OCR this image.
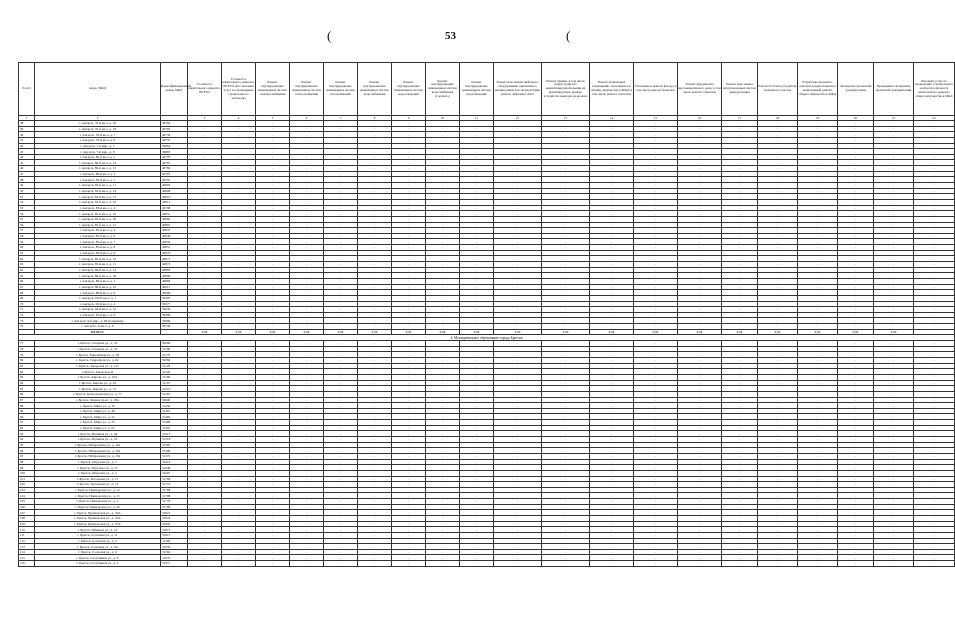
(	53	(
№ п/п	Адрес МКД	Идентификационный номер МКД	Стоимость капитального ремонта, ВСЕГО	Стоимость капитального ремонта, ВСЕГО (без оказания услуг по проведению строительного контроля)	Ремонт внутридомовых инженерных систем электроснабжения	Ремонт внутридомовых инженерных систем теплоснабжения	Ремонт внутридомовых инженерных систем газоснабжения	Ремонт внутридомовых инженерных систем водоснабжения	Ремонт внутридомовых инженерных систем водоотведения	Ремонт внутридомовых инженерных систем водоснабжения (горячего)	Ремонт внутридомовых инженерных систем водоотведения	Ремонт или замена лифтового оборудования, признанного непригодным для эксплуатации, ремонт лифтовых шахт	Ремонт крыши, в том числе переустройство невентилируемой крыши на вентилируемую крышу, устройство выходов на кровлю	Ремонт подвальных помещений, относящихся к общему имуществу в МКД, в том числе ремонт отмостки	Утепление и ремонт фасада, в том числе ремонт балконов	Ремонт фундамента многоквартирного дома, в том числе ремонт отмостки	Ремонт или замена внутридомовых систем дымоудаления	Работы по благоустройству земельного участка	Разработка проектно-сметной документации на капитальный ремонт общего имущества в МКД	Экспертиза проектной документации	Проведение экспертизы проектной документации	Оказание услуг по проведению строительного контроля в процессе капитального ремонта общего имущества в МКД
1	2		3	4	5	6	7	8	9	10	11	12	13	14	15	16	17	18	19	20	21	22
38	г. Ангарск, 76-й кв-л, д. 16	40764	-	-	-	-	-	-	-	-	-	-	-	-	-	-	-	-	-	-	-	-
39	г. Ангарск, 76-й кв-л, д. 19	40765	-	-	-	-	-	-	-	-	-	-	-	-	-	-	-	-	-	-	-	-
40	г. Ангарск, 76-й кв-л, д. 7	40734	-	-	-	-	-	-	-	-	-	-	-	-	-	-	-	-	-	-	-	-
41	г. Ангарск, 76-й кв-л, д. 9	40737	-	-	-	-	-	-	-	-	-	-	-	-	-	-	-	-	-	-	-	-
42	г. Ангарск, 7-й мкр., д. 7	39864	-	-	-	-	-	-	-	-	-	-	-	-	-	-	-	-	-	-	-	-
43	г. Ангарск, 7-й мкр., д. 9	39865	-	-	-	-	-	-	-	-	-	-	-	-	-	-	-	-	-	-	-	-
44	г. Ангарск, 80-й кв-л, д. 1	40779	-	-	-	-	-	-	-	-	-	-	-	-	-	-	-	-	-	-	-	-
45	г. Ангарск, 80-й кв-л, д. 14	40781	-	-	-	-	-	-	-	-	-	-	-	-	-	-	-	-	-	-	-	-
46	г. Ангарск, 80-й кв-л, д. 15	40782	-	-	-	-	-	-	-	-	-	-	-	-	-	-	-	-	-	-	-	-
47	г. Ангарск, 80-й кв-л, д. 5	40787	-	-	-	-	-	-	-	-	-	-	-	-	-	-	-	-	-	-	-	-
48	г. Ангарск, 82-й кв-л, д. 1	40797	-	-	-	-	-	-	-	-	-	-	-	-	-	-	-	-	-	-	-	-
49	г. Ангарск, 83-й кв-л, д. 11	40805	-	-	-	-	-	-	-	-	-	-	-	-	-	-	-	-	-	-	-	-
50	г. Ангарск, 83-й кв-л, д. 14	40808	-	-	-	-	-	-	-	-	-	-	-	-	-	-	-	-	-	-	-	-
51	г. Ангарск, 83-й кв-л, д. 17	40810	-	-	-	-	-	-	-	-	-	-	-	-	-	-	-	-	-	-	-	-
52	г. Ангарск, 83-й кв-л, д. 18	40811	-	-	-	-	-	-	-	-	-	-	-	-	-	-	-	-	-	-	-	-
53	г. Ангарск, 83-й кв-л, д. 2	40798	-	-	-	-	-	-	-	-	-	-	-	-	-	-	-	-	-	-	-	-
54	г. Ангарск, 85-й кв-л, д. 16	40851	-	-	-	-	-	-	-	-	-	-	-	-	-	-	-	-	-	-	-	-
55	г. Ангарск, 85-й кв-л, д. 20	40862	-	-	-	-	-	-	-	-	-	-	-	-	-	-	-	-	-	-	-	-
56	г. Ангарск, 85-й кв-л, д. 21	40863	-	-	-	-	-	-	-	-	-	-	-	-	-	-	-	-	-	-	-	-
57	г. Ангарск, 85-й кв-л, д. 4	40847	-	-	-	-	-	-	-	-	-	-	-	-	-	-	-	-	-	-	-	-
58	г. Ангарск, 85-й кв-л, д. 6	40849	-	-	-	-	-	-	-	-	-	-	-	-	-	-	-	-	-	-	-	-
59	г. Ангарск, 85-й кв-л, д. 7	40850	-	-	-	-	-	-	-	-	-	-	-	-	-	-	-	-	-	-	-	-
60	г. Ангарск, 85-й кв-л, д. 8	40851	-	-	-	-	-	-	-	-	-	-	-	-	-	-	-	-	-	-	-	-
61	г. Ангарск, 85-й кв-л, д. 9	40870	-	-	-	-	-	-	-	-	-	-	-	-	-	-	-	-	-	-	-	-
62	г. Ангарск, 85-й кв-л, д. 10	40871	-	-	-	-	-	-	-	-	-	-	-	-	-	-	-	-	-	-	-	-
63	г. Ангарск, 85-й кв-л, д. 11	40872	-	-	-	-	-	-	-	-	-	-	-	-	-	-	-	-	-	-	-	-
64	г. Ангарск, 86-й кв-л, д. 13	40885	-	-	-	-	-	-	-	-	-	-	-	-	-	-	-	-	-	-	-	-
65	г. Ангарск, 86-й кв-л, д. 16	40889	-	-	-	-	-	-	-	-	-	-	-	-	-	-	-	-	-	-	-	-
66	г. Ангарск, 86-й кв-л, д. 1	40866	-	-	-	-	-	-	-	-	-	-	-	-	-	-	-	-	-	-	-	-
67	г. Ангарск, 88-й кв-л, д. 25	40911	-	-	-	-	-	-	-	-	-	-	-	-	-	-	-	-	-	-	-	-
68	г. Ангарск, 88-й кв-л, д. 9	40896	-	-	-	-	-	-	-	-	-	-	-	-	-	-	-	-	-	-	-	-
69	г. Ангарск, 93/95 кв-л, д. 1	39395	-	-	-	-	-	-	-	-	-	-	-	-	-	-	-	-	-	-	-	-
70	г. Ангарск, 92-й кв-л, д. 4	39377	-	-	-	-	-	-	-	-	-	-	-	-	-	-	-	-	-	-	-	-
71	г. Ангарск, 94-й кв-л, д. 12	39032	-	-	-	-	-	-	-	-	-	-	-	-	-	-	-	-	-	-	-	-
72	г. Ангарск, 95-й кв-л, д. 9	39389	-	-	-	-	-	-	-	-	-	-	-	-	-	-	-	-	-	-	-	-
73	г. Ангарск, 9-й мкр., д. 84 (Северная)	39989	-	-	-	-	-	-	-	-	-	-	-	-	-	-	-	-	-	-	-	-
74	г. Ангарск, А-кв-л, д. 9	39536	-	-	-	-	-	-	-	-	-	-	-	-	-	-	-	-	-	-	-	-
	ИТОГО:		0,00	0,00	0,00	0,00	0,00	0,00	0,00	0,00	0,00	0,00	0,00	0,00	0,00	0,00	0,00	0,00	0,00	0,00	0,00	
2. Муниципальное образование города Братска																						
77	г. Братск, Гагарина ул., д. 23	30090	-	-	-	-	-	-	-	-	-	-	-	-	-	-	-	-	-	-	-	-
78	г. Братск, Гагарина ул., д. 53	31180	-	-	-	-	-	-	-	-	-	-	-	-	-	-	-	-	-	-	-	-
79	г. Братск, Енисейская ул., д. 56	31176	-	-	-	-	-	-	-	-	-	-	-	-	-	-	-	-	-	-	-	-
80	г. Братск, Гидробили ул., д. 62	30084	-	-	-	-	-	-	-	-	-	-	-	-	-	-	-	-	-	-	-	-
81	г. Братск, Заводская ул., д. 11а	31129	-	-	-	-	-	-	-	-	-	-	-	-	-	-	-	-	-	-	-	-
82	г. Братск, Заводская 3а	31120	-	-	-	-	-	-	-	-	-	-	-	-	-	-	-	-	-	-	-	-
83	г. Братск, Кирова ул., д. 10А	31186	-	-	-	-	-	-	-	-	-	-	-	-	-	-	-	-	-	-	-	-
84	г. Братск, Кирова ул., д. 23	31197	-	-	-	-	-	-	-	-	-	-	-	-	-	-	-	-	-	-	-	-
85	г. Братск, Кирова ул., д. 31	31216	-	-	-	-	-	-	-	-	-	-	-	-	-	-	-	-	-	-	-	-
86	г. Братск, Комсомольская ул., д. 77	31263	-	-	-	-	-	-	-	-	-	-	-	-	-	-	-	-	-	-	-	-
87	г. Братск, Ленина пр-кт, д. 18А	30600	-	-	-	-	-	-	-	-	-	-	-	-	-	-	-	-	-	-	-	-
88	г. Братск, Мира ул., д. 32	31450	-	-	-	-	-	-	-	-	-	-	-	-	-	-	-	-	-	-	-	-
89	г. Братск, Мира ул., д. 38	31467	-	-	-	-	-	-	-	-	-	-	-	-	-	-	-	-	-	-	-	-
90	г. Братск, Мира ул., д. 51	31482	-	-	-	-	-	-	-	-	-	-	-	-	-	-	-	-	-	-	-	-
91	г. Братск, Мира ул., д. 55	31486	-	-	-	-	-	-	-	-	-	-	-	-	-	-	-	-	-	-	-	-
92	г. Братск, Мира ул., д. 61	31491	-	-	-	-	-	-	-	-	-	-	-	-	-	-	-	-	-	-	-	-
93	г. Братск, Мухиная ул., д. 44	31515	-	-	-	-	-	-	-	-	-	-	-	-	-	-	-	-	-	-	-	-
94	г. Братск, Мухиная ул., д. 52	31518	-	-	-	-	-	-	-	-	-	-	-	-	-	-	-	-	-	-	-	-
95	г. Братск, Набережная ул., д. 19а	31362	-	-	-	-	-	-	-	-	-	-	-	-	-	-	-	-	-	-	-	-
96	г. Братск, Набережная ул., д. 50а	31368	-	-	-	-	-	-	-	-	-	-	-	-	-	-	-	-	-	-	-	-
97	г. Братск, Набережная ул., д. 18а	31372	-	-	-	-	-	-	-	-	-	-	-	-	-	-	-	-	-	-	-	-
98	г. Братск, Обручева ул., д. 7	31619	-	-	-	-	-	-	-	-	-	-	-	-	-	-	-	-	-	-	-	-
99	г. Братск, Обручева ул., д. 17	31648	-	-	-	-	-	-	-	-	-	-	-	-	-	-	-	-	-	-	-	-
100	г. Братск, Обручева ул., д. 5	31607	-	-	-	-	-	-	-	-	-	-	-	-	-	-	-	-	-	-	-	-
101	г. Братск, Погодаева ул., д. 15	31768	-	-	-	-	-	-	-	-	-	-	-	-	-	-	-	-	-	-	-	-
102	г. Братск, Погодаева ул., д. 13	31774	-	-	-	-	-	-	-	-	-	-	-	-	-	-	-	-	-	-	-	-
103	г. Братск, Приморская ул., д. 14	31786	-	-	-	-	-	-	-	-	-	-	-	-	-	-	-	-	-	-	-	-
104	г. Братск, Приморская ул., д. 15	31798	-	-	-	-	-	-	-	-	-	-	-	-	-	-	-	-	-	-	-	-
105	г. Братск, Пионерская ул., д. 2	31779	-	-	-	-	-	-	-	-	-	-	-	-	-	-	-	-	-	-	-	-
106	г. Братск, Приморская ул., д. 20	31799	-	-	-	-	-	-	-	-	-	-	-	-	-	-	-	-	-	-	-	-
107	г. Братск, Приморская ул., д. 33А	31821	-	-	-	-	-	-	-	-	-	-	-	-	-	-	-	-	-	-	-	-
108	г. Братск, Приморская ул., д. 35А	31824	-	-	-	-	-	-	-	-	-	-	-	-	-	-	-	-	-	-	-	-
109	г. Братск, Приморская ул., д. 37А	31825	-	-	-	-	-	-	-	-	-	-	-	-	-	-	-	-	-	-	-	-
110	г. Братск, Рябикова ул., д. 1б	31871	-	-	-	-	-	-	-	-	-	-	-	-	-	-	-	-	-	-	-	-
111	г. Братск, Сосновая ул., д. 11	31915	-	-	-	-	-	-	-	-	-	-	-	-	-	-	-	-	-	-	-	-
112	г. Братск, Сосновая ул., д. 5	31585	-	-	-	-	-	-	-	-	-	-	-	-	-	-	-	-	-	-	-	-
113	г. Братск, Сосновая ул., д. 5А	31950	-	-	-	-	-	-	-	-	-	-	-	-	-	-	-	-	-	-	-	-
114	г. Братск, Сосновая ул., д. 9	31582	-	-	-	-	-	-	-	-	-	-	-	-	-	-	-	-	-	-	-	-
115	г. Братск, Спортивная ул., д. 8	31970	-	-	-	-	-	-	-	-	-	-	-	-	-	-	-	-	-	-	-	-
116	г. Братск, Спортивная ул., д. 4	31971	-	-	-	-	-	-	-	-	-	-	-	-	-	-	-	-	-	-	-	-
